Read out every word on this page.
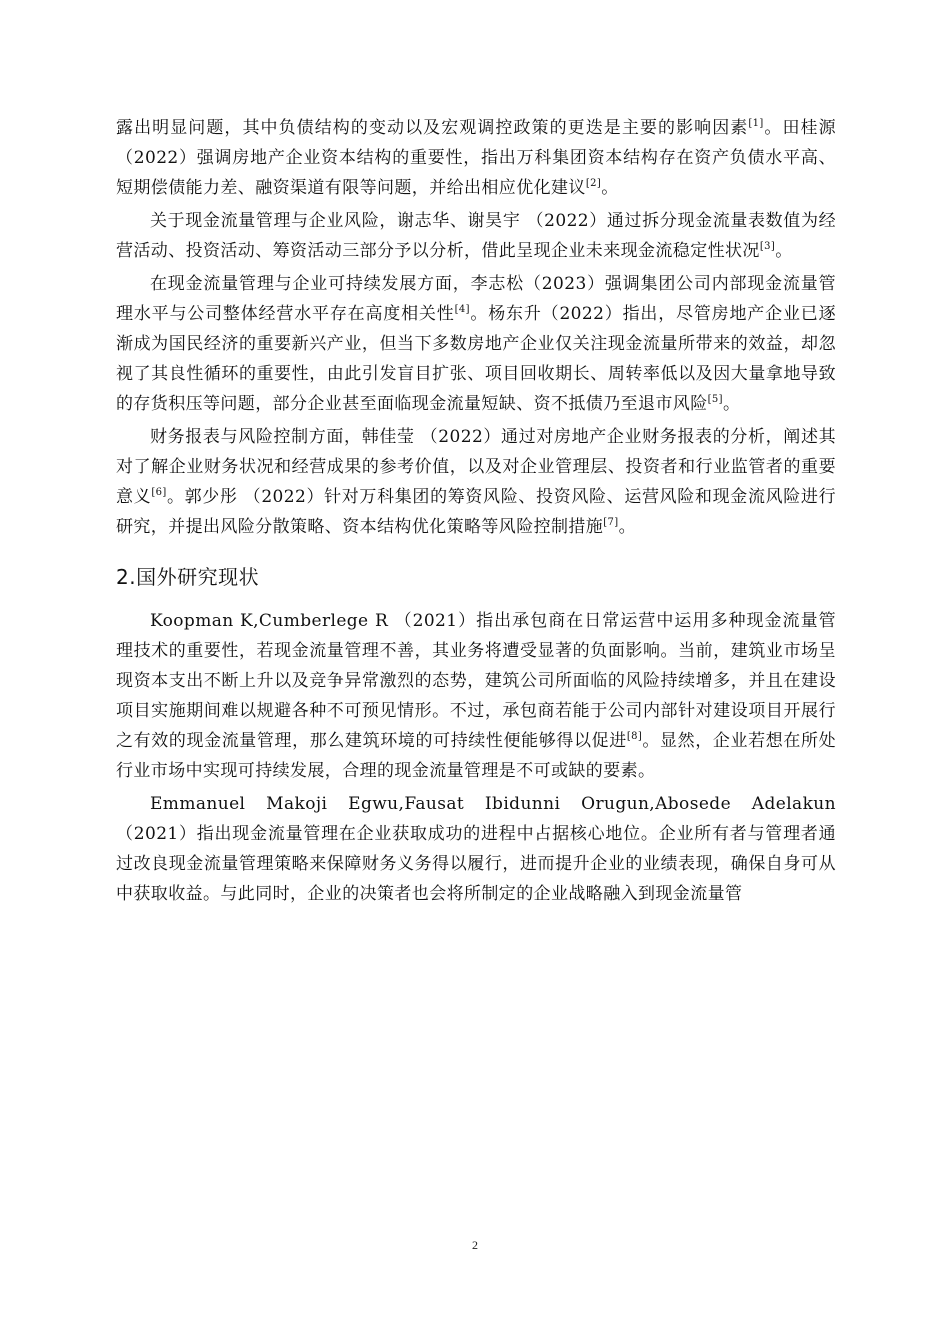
露出明显问题，其中负债结构的变动以及宏观调控政策的更迭是主要的影响因素[1]。田桂源 （2022）强调房地产企业资本结构的重要性，指出万科集团资本结构存在资产负债水平高、短期偿债能力差、融资渠道有限等问题，并给出相应优化建议[2]。

关于现金流量管理与企业风险，谢志华、谢昊宇 （2022）通过拆分现金流量表数值为经营活动、投资活动、筹资活动三部分予以分析，借此呈现企业未来现金流稳定性状况[3]。

在现金流量管理与企业可持续发展方面，李志松（2023）强调集团公司内部现金流量管理水平与公司整体经营水平存在高度相关性[4]。杨东升（2022）指出，尽管房地产企业已逐渐成为国民经济的重要新兴产业，但当下多数房地产企业仅关注现金流量所带来的效益，却忽视了其良性循环的重要性，由此引发盲目扩张、项目回收期长、周转率低以及因大量拿地导致的存货积压等问题，部分企业甚至面临现金流量短缺、资不抵债乃至退市风险[5]。

财务报表与风险控制方面，韩佳莹 （2022）通过对房地产企业财务报表的分析，阐述其对了解企业财务状况和经营成果的参考价值，以及对企业管理层、投资者和行业监管者的重要意义[6]。郭少彤 （2022）针对万科集团的筹资风险、投资风险、运营风险和现金流风险进行研究，并提出风险分散策略、资本结构优化策略等风险控制措施[7]。

2.国外研究现状

Koopman K,Cumberlege R （2021）指出承包商在日常运营中运用多种现金流量管理技术的重要性，若现金流量管理不善，其业务将遭受显著的负面影响。当前，建筑业市场呈现资本支出不断上升以及竞争异常激烈的态势，建筑公司所面临的风险持续增多，并且在建设项目实施期间难以规避各种不可预见情形。不过，承包商若能于公司内部针对建设项目开展行之有效的现金流量管理，那么建筑环境的可持续性便能够得以促进[8]。显然，企业若想在所处行业市场中实现可持续发展，合理的现金流量管理是不可或缺的要素。

Emmanuel Makoji Egwu,Fausat Ibidunni Orugun,Abosede Adelakun （2021）指出现金流量管理在企业获取成功的进程中占据核心地位。企业所有者与管理者通过改良现金流量管理策略来保障财务义务得以履行，进而提升企业的业绩表现，确保自身可从中获取收益。与此同时，企业的决策者也会将所制定的企业战略融入到现金流量管

2
